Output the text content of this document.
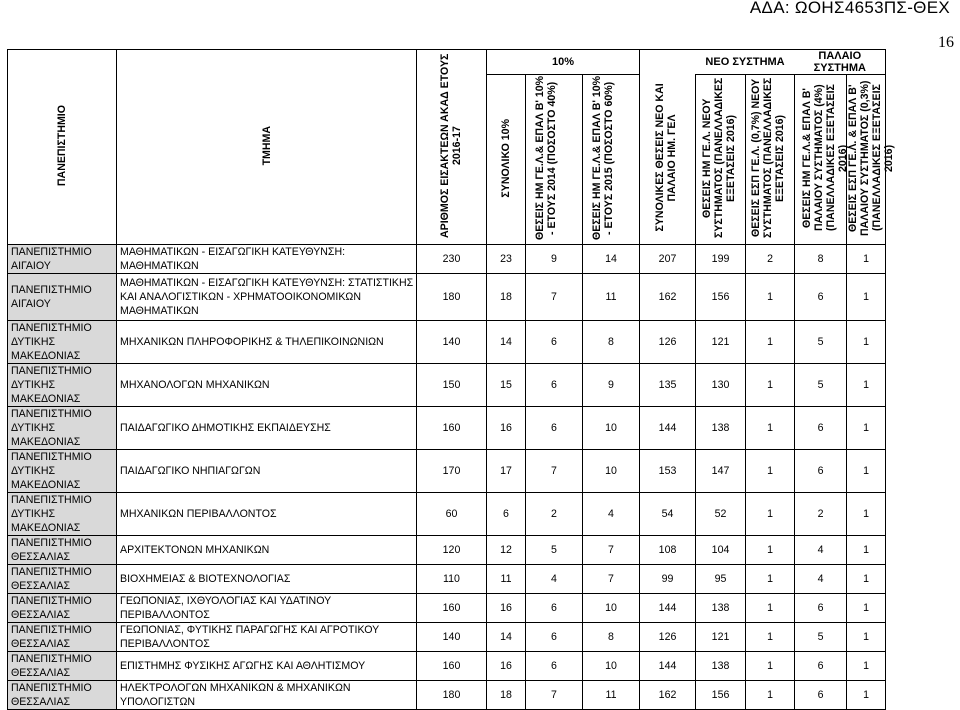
ΑΔΑ: ΩΟΗΣ4653ΠΣ-ΘΕΧ
16
ΠΑΝΕΠΙΣΤΗΜΙΟ	ΤΜΗΜΑ	ΑΡΙΘΜΟΣ ΕΙΣΑΚΤΕΩΝ ΑΚΑΔ ΕΤΟΥΣ 2016-17	10%				ΝΕΟ ΣΥΣΤΗΜΑ		ΠΑΛΑΙΟ ΣΥΣΤΗΜΑ	
			ΣΥΝΟΛΙΚΟ 10%	ΘΕΣΕΙΣ ΗΜ ΓΕ.Λ.& ΕΠΑΛ Β' 10% - ΕΤΟΥΣ 2014 (ΠΟΣΟΣΤΟ 40%)	ΘΕΣΕΙΣ ΗΜ ΓΕ.Λ.& ΕΠΑΛ Β' 10% - ΕΤΟΥΣ 2015 (ΠΟΣΟΣΤΟ 60%)	ΣΥΝΟΛΙΚΕΣ ΘΕΣΕΙΣ ΝΕΟ ΚΑΙ ΠΑΛΑΙΟ ΗΜ. ΓΕΛ	ΘΕΣΕΙΣ ΗΜ ΓΕ.Λ. ΝΕΟΥ ΣΥΣΤΗΜΑΤΟΣ (ΠΑΝΕΛΛΑΔΙΚΕΣ ΕΞΕΤΑΣΕΙΣ 2016)	ΘΕΣΕΙΣ ΕΣΠ ΓΕ.Λ. (0,7%) ΝΕΟΥ ΣΥΣΤΗΜΑΤΟΣ (ΠΑΝΕΛΛΑΔΙΚΕΣ ΕΞΕΤΑΣΕΙΣ 2016)	ΘΕΣΕΙΣ ΗΜ ΓΕ.Λ.& ΕΠΑΛ Β' ΠΑΛΑΙΟΥ ΣΥΣΤΗΜΑΤΟΣ (4%) (ΠΑΝΕΛΛΑΔΙΚΕΣ ΕΞΕΤΑΣΕΙΣ 2016)	ΘΕΣΕΙΣ ΕΣΠ ΓΕ.Λ. & ΕΠΑΛ Β' ΠΑΛΑΙΟΥ ΣΥΣΤΗΜΑΤΟΣ (0,3%) (ΠΑΝΕΛΛΑΔΙΚΕΣ ΕΞΕΤΑΣΕΙΣ 2016)
ΠΑΝΕΠΙΣΤΗΜΙΟ ΑΙΓΑΙΟΥ	ΜΑΘΗΜΑΤΙΚΩΝ - ΕΙΣΑΓΩΓΙΚΗ ΚΑΤΕΥΘΥΝΣΗ: ΜΑΘΗΜΑΤΙΚΩΝ	230	23	9	14	207	199	2	8	1
ΠΑΝΕΠΙΣΤΗΜΙΟ ΑΙΓΑΙΟΥ	ΜΑΘΗΜΑΤΙΚΩΝ - ΕΙΣΑΓΩΓΙΚΗ ΚΑΤΕΥΘΥΝΣΗ: ΣΤΑΤΙΣΤΙΚΗΣ ΚΑΙ ΑΝΑΛΟΓΙΣΤΙΚΩΝ - ΧΡΗΜΑΤΟΟΙΚΟΝΟΜΙΚΩΝ ΜΑΘΗΜΑΤΙΚΩΝ	180	18	7	11	162	156	1	6	1
ΠΑΝΕΠΙΣΤΗΜΙΟ ΔΥΤΙΚΗΣ ΜΑΚΕΔΟΝΙΑΣ	ΜΗΧΑΝΙΚΩΝ ΠΛΗΡΟΦΟΡΙΚΗΣ & ΤΗΛΕΠΙΚΟΙΝΩΝΙΩΝ	140	14	6	8	126	121	1	5	1
ΠΑΝΕΠΙΣΤΗΜΙΟ ΔΥΤΙΚΗΣ ΜΑΚΕΔΟΝΙΑΣ	ΜΗΧΑΝΟΛΟΓΩΝ ΜΗΧΑΝΙΚΩΝ	150	15	6	9	135	130	1	5	1
ΠΑΝΕΠΙΣΤΗΜΙΟ ΔΥΤΙΚΗΣ ΜΑΚΕΔΟΝΙΑΣ	ΠΑΙΔΑΓΩΓΙΚΟ ΔΗΜΟΤΙΚΗΣ ΕΚΠΑΙΔΕΥΣΗΣ	160	16	6	10	144	138	1	6	1
ΠΑΝΕΠΙΣΤΗΜΙΟ ΔΥΤΙΚΗΣ ΜΑΚΕΔΟΝΙΑΣ	ΠΑΙΔΑΓΩΓΙΚΟ ΝΗΠΙΑΓΩΓΩΝ	170	17	7	10	153	147	1	6	1
ΠΑΝΕΠΙΣΤΗΜΙΟ ΔΥΤΙΚΗΣ ΜΑΚΕΔΟΝΙΑΣ	ΜΗΧΑΝΙΚΩΝ ΠΕΡΙΒΑΛΛΟΝΤΟΣ	60	6	2	4	54	52	1	2	1
ΠΑΝΕΠΙΣΤΗΜΙΟ ΘΕΣΣΑΛΙΑΣ	ΑΡΧΙΤΕΚΤΟΝΩΝ ΜΗΧΑΝΙΚΩΝ	120	12	5	7	108	104	1	4	1
ΠΑΝΕΠΙΣΤΗΜΙΟ ΘΕΣΣΑΛΙΑΣ	ΒΙΟΧΗΜΕΙΑΣ & ΒΙΟΤΕΧΝΟΛΟΓΙΑΣ	110	11	4	7	99	95	1	4	1
ΠΑΝΕΠΙΣΤΗΜΙΟ ΘΕΣΣΑΛΙΑΣ	ΓΕΩΠΟΝΙΑΣ, ΙΧΘΥΟΛΟΓΙΑΣ ΚΑΙ ΥΔΑΤΙΝΟΥ ΠΕΡΙΒΑΛΛΟΝΤΟΣ	160	16	6	10	144	138	1	6	1
ΠΑΝΕΠΙΣΤΗΜΙΟ ΘΕΣΣΑΛΙΑΣ	ΓΕΩΠΟΝΙΑΣ, ΦΥΤΙΚΗΣ ΠΑΡΑΓΩΓΗΣ ΚΑΙ ΑΓΡΟΤΙΚΟΥ ΠΕΡΙΒΑΛΛΟΝΤΟΣ	140	14	6	8	126	121	1	5	1
ΠΑΝΕΠΙΣΤΗΜΙΟ ΘΕΣΣΑΛΙΑΣ	ΕΠΙΣΤΗΜΗΣ ΦΥΣΙΚΗΣ ΑΓΩΓΗΣ ΚΑΙ ΑΘΛΗΤΙΣΜΟΥ	160	16	6	10	144	138	1	6	1
ΠΑΝΕΠΙΣΤΗΜΙΟ ΘΕΣΣΑΛΙΑΣ	ΗΛΕΚΤΡΟΛΟΓΩΝ ΜΗΧΑΝΙΚΩΝ & ΜΗΧΑΝΙΚΩΝ ΥΠΟΛΟΓΙΣΤΩΝ	180	18	7	11	162	156	1	6	1
